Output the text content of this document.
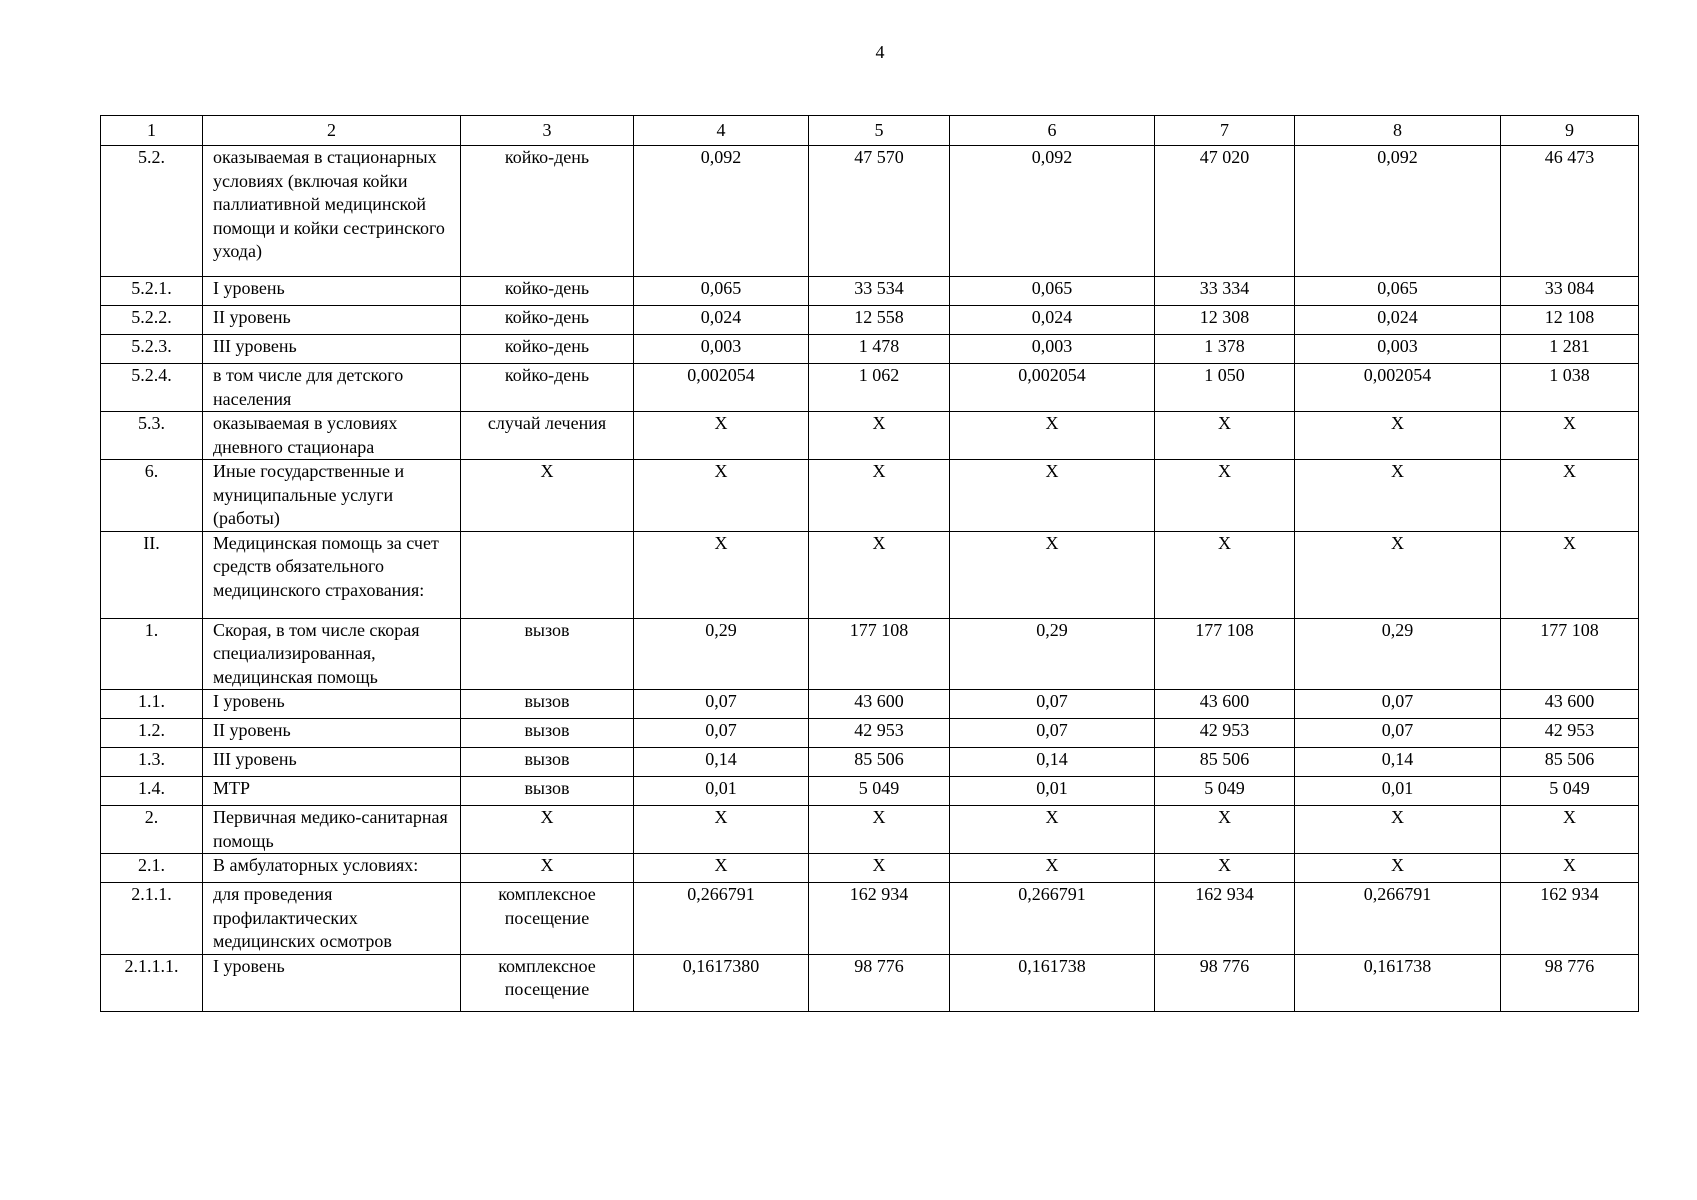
4
1	2	3	4	5	6	7	8	9
5.2.	оказываемая в стационарных условиях (включая койки паллиативной медицинской помощи и койки сестринского ухода)	койко-день	0,092	47 570	0,092	47 020	0,092	46 473
5.2.1.	I уровень	койко-день	0,065	33 534	0,065	33 334	0,065	33 084
5.2.2.	II уровень	койко-день	0,024	12 558	0,024	12 308	0,024	12 108
5.2.3.	III уровень	койко-день	0,003	1 478	0,003	1 378	0,003	1 281
5.2.4.	в том числе для детского населения	койко-день	0,002054	1 062	0,002054	1 050	0,002054	1 038
5.3.	оказываемая в условиях дневного стационара	случай лечения	X	X	X	X	X	X
6.	Иные государственные и муниципальные услуги (работы)	X	X	X	X	X	X	X
II.	Медицинская помощь за счет средств обязательного медицинского страхования:		X	X	X	X	X	X
1.	Скорая, в том числе скорая специализированная, медицинская помощь	вызов	0,29	177 108	0,29	177 108	0,29	177 108
1.1.	I уровень	вызов	0,07	43 600	0,07	43 600	0,07	43 600
1.2.	II уровень	вызов	0,07	42 953	0,07	42 953	0,07	42 953
1.3.	III уровень	вызов	0,14	85 506	0,14	85 506	0,14	85 506
1.4.	МТР	вызов	0,01	5 049	0,01	5 049	0,01	5 049
2.	Первичная медико-санитарная помощь	X	X	X	X	X	X	X
2.1.	В амбулаторных условиях:	X	X	X	X	X	X	X
2.1.1.	для проведения профилактических медицинских осмотров	комплексное посещение	0,266791	162 934	0,266791	162 934	0,266791	162 934
2.1.1.1.	I уровень	комплексное посещение	0,1617380	98 776	0,161738	98 776	0,161738	98 776
